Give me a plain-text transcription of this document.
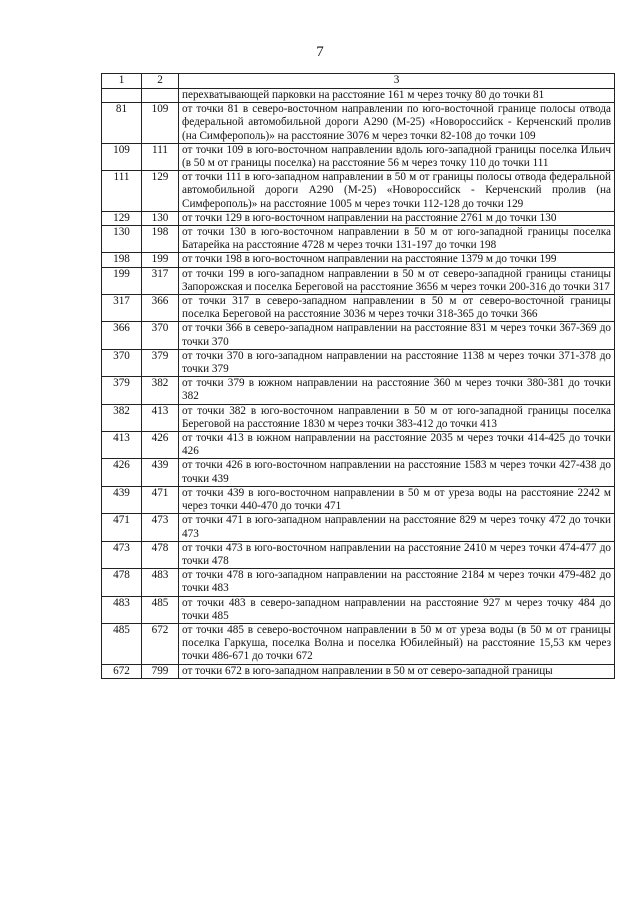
7
1	2	3
		перехватывающей парковки на расстояние 161 м через точку 80 до точки 81
81	109	от точки 81 в северо-восточном направлении по юго-восточной границе полосы отвода федеральной автомобильной дороги А290 (М-25) «Новороссийск - Керченский пролив (на Симферополь)» на расстояние 3076 м через точки 82-108 до точки 109
109	111	от точки 109 в юго-восточном направлении вдоль юго-западной границы поселка Ильич (в 50 м от границы поселка) на расстояние 56 м через точку 110 до точки 111
111	129	от точки 111 в юго-западном направлении в 50 м от границы полосы отвода федеральной автомобильной дороги А290 (М-25) «Новороссийск - Керченский пролив (на Симферополь)» на расстояние 1005 м через точки 112-128 до точки 129
129	130	от точки 129 в юго-восточном направлении на расстояние 2761 м до точки 130
130	198	от точки 130 в юго-восточном направлении в 50 м от юго-западной границы поселка Батарейка на расстояние 4728 м через точки 131-197 до точки 198
198	199	от точки 198 в юго-восточном направлении на расстояние 1379 м до точки 199
199	317	от точки 199 в юго-западном направлении в 50 м от северо-западной границы станицы Запорожская и поселка Береговой на расстояние 3656 м через точки 200-316 до точки 317
317	366	от точки 317 в северо-западном направлении в 50 м от северо-восточной границы поселка Береговой на расстояние 3036 м через точки 318-365 до точки 366
366	370	от точки 366 в северо-западном направлении на расстояние 831 м через точки 367-369 до точки 370
370	379	от точки 370 в юго-западном направлении на расстояние 1138 м через точки 371-378 до точки 379
379	382	от точки 379 в южном направлении на расстояние 360 м через точки 380-381 до точки 382
382	413	от точки 382 в юго-восточном направлении в 50 м от юго-западной границы поселка Береговой на расстояние 1830 м через точки 383-412 до точки 413
413	426	от точки 413 в южном направлении на расстояние 2035 м через точки 414-425 до точки 426
426	439	от точки 426 в юго-восточном направлении на расстояние 1583 м через точки 427-438 до точки 439
439	471	от точки 439 в юго-восточном направлении в 50 м от уреза воды на расстояние 2242 м через точки 440-470 до точки 471
471	473	от точки 471 в юго-западном направлении на расстояние 829 м через точку 472 до точки 473
473	478	от точки 473 в юго-восточном направлении на расстояние 2410 м через точки 474-477 до точки 478
478	483	от точки 478 в юго-западном направлении на расстояние 2184 м через точки 479-482 до точки 483
483	485	от точки 483 в северо-западном направлении на расстояние 927 м через точку 484 до точки 485
485	672	от точки 485 в северо-восточном направлении в 50 м от уреза воды (в 50 м от границы поселка Гаркуша, поселка Волна и поселка Юбилейный) на расстояние 15,53 км через точки 486-671 до точки 672
672	799	от точки 672 в юго-западном направлении в 50 м от северо-западной границы
